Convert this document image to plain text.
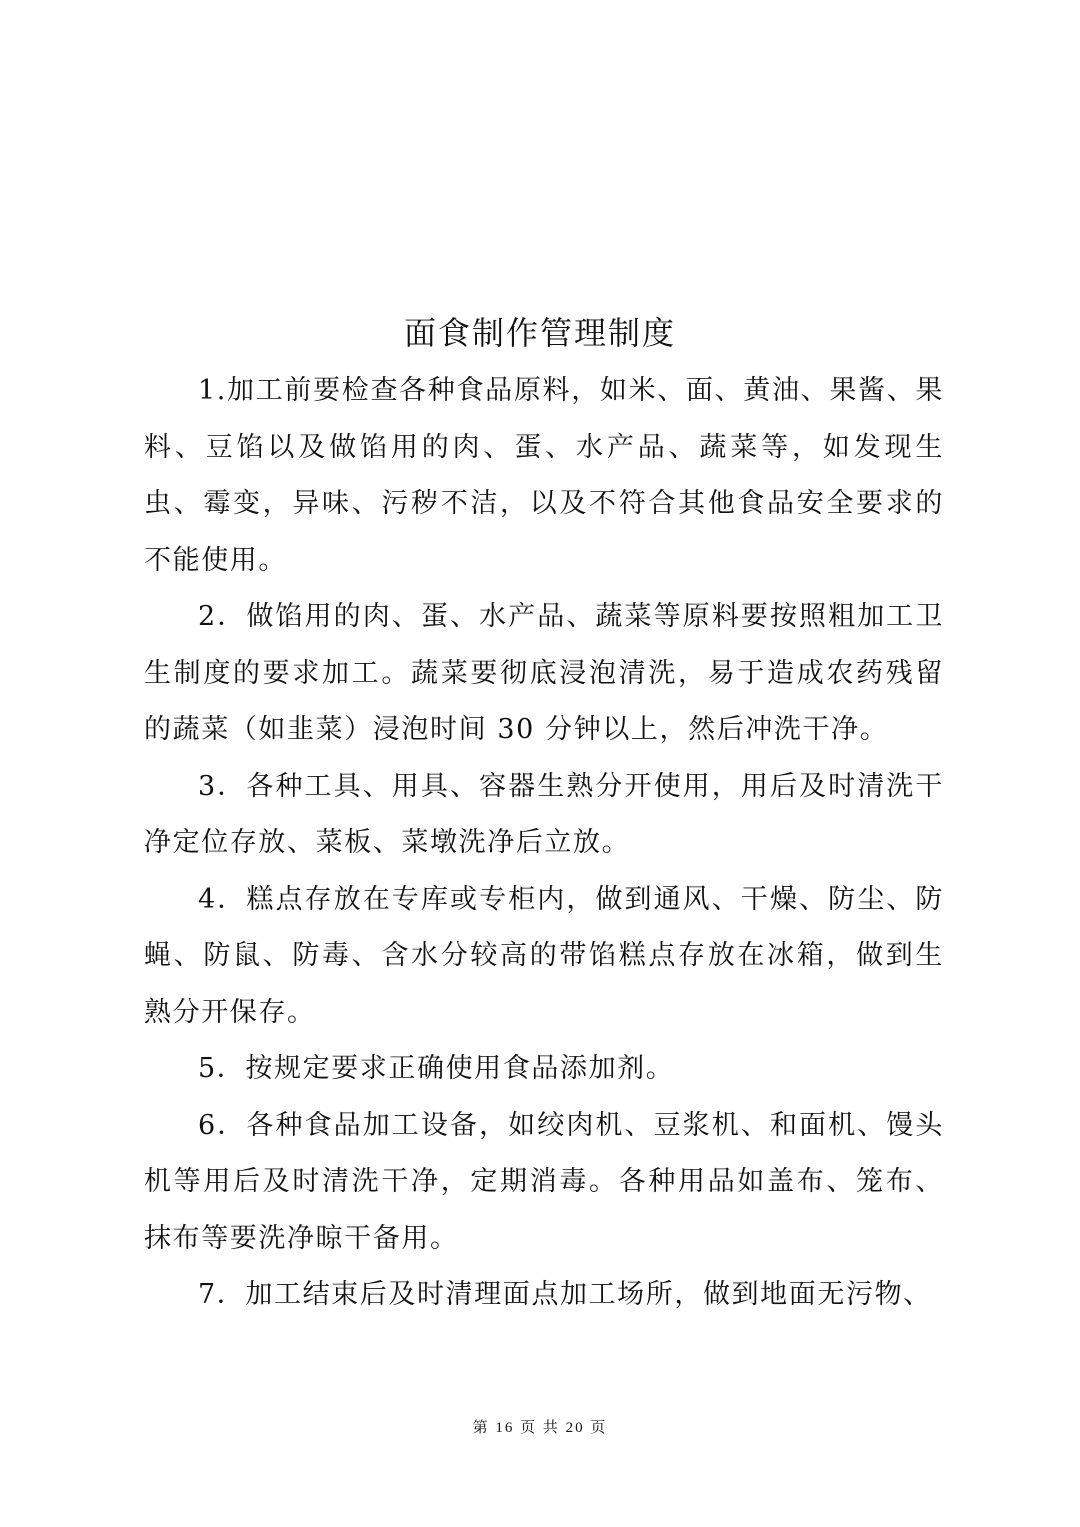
面食制作管理制度

1.加工前要检查各种食品原料，如米、面、黄油、果酱、果料、豆馅以及做馅用的肉、蛋、水产品、蔬菜等，如发现生虫、霉变，异味、污秽不洁，以及不符合其他食品安全要求的不能使用。

2．做馅用的肉、蛋、水产品、蔬菜等原料要按照粗加工卫生制度的要求加工。蔬菜要彻底浸泡清洗，易于造成农药残留的蔬菜（如韭菜）浸泡时间 30 分钟以上，然后冲洗干净。

3．各种工具、用具、容器生熟分开使用，用后及时清洗干净定位存放、菜板、菜墩洗净后立放。

4．糕点存放在专库或专柜内，做到通风、干燥、防尘、防蝇、防鼠、防毒、含水分较高的带馅糕点存放在冰箱，做到生熟分开保存。

5．按规定要求正确使用食品添加剂。

6．各种食品加工设备，如绞肉机、豆浆机、和面机、馒头机等用后及时清洗干净，定期消毒。各种用品如盖布、笼布、抹布等要洗净晾干备用。

7．加工结束后及时清理面点加工场所，做到地面无污物、

第 16 页 共 20 页
